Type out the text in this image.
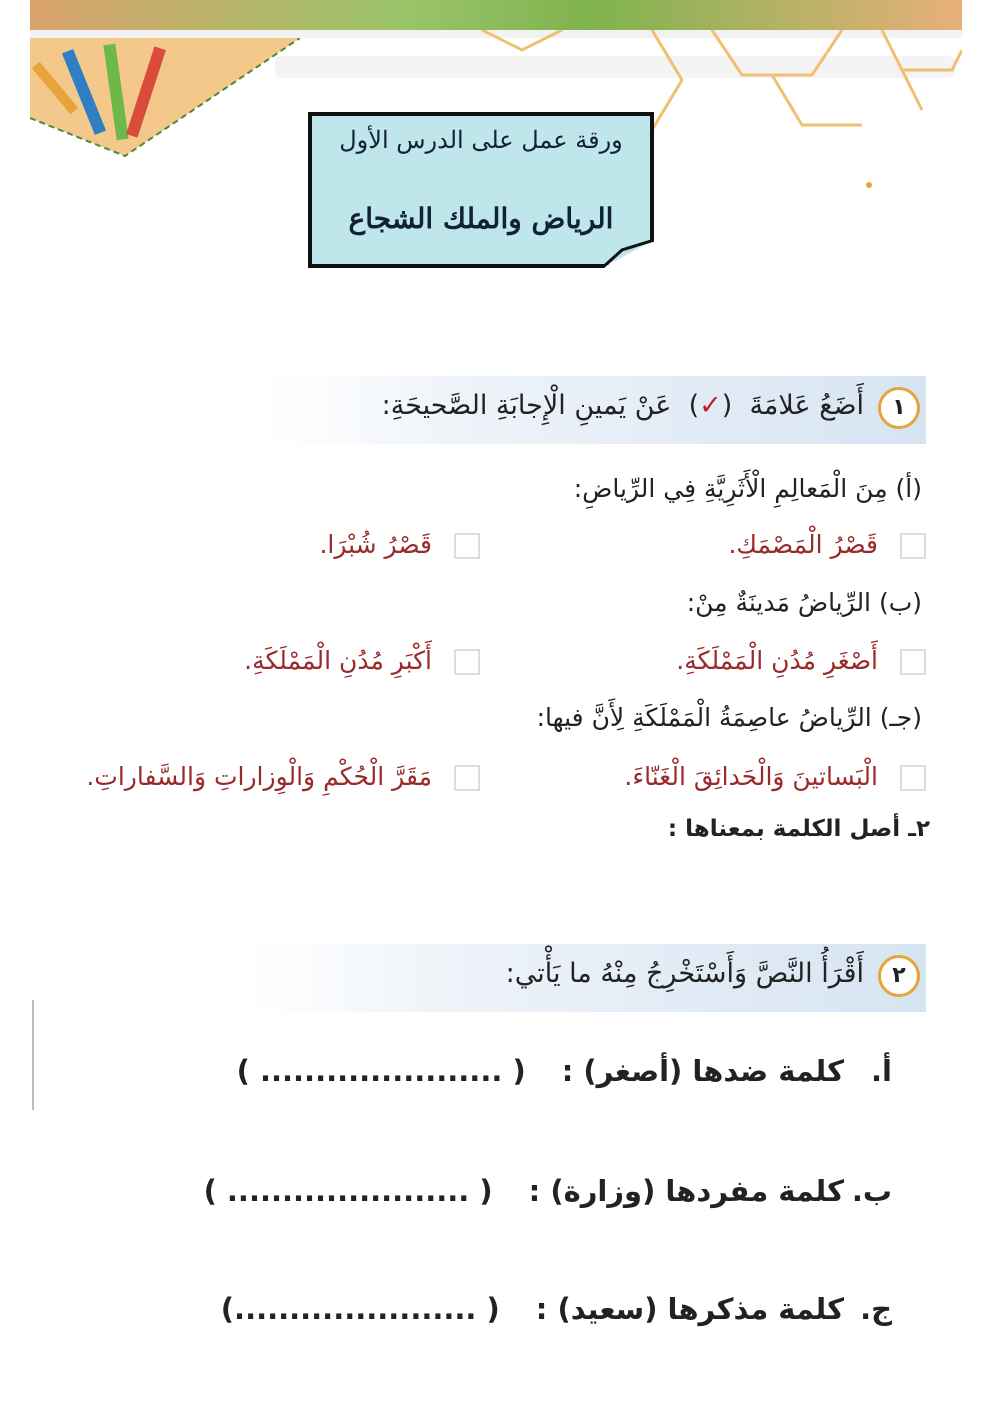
ورقة عمل على الدرس الأول
الرياض والملك الشجاع
١
أَضَعُ عَلامَةَ  (✓)  عَنْ يَمينِ الْإِجابَةِ الصَّحيحَةِ:
(أ) مِنَ الْمَعالِمِ الْأَثَرِيَّةِ فِي الرِّياضِ:
قَصْرُ الْمَصْمَكِ.
قَصْرُ شُبْرَا.
(ب) الرِّياضُ مَدينَةٌ مِنْ:
أَصْغَرِ مُدُنِ الْمَمْلَكَةِ.
أَكْبَرِ مُدُنِ الْمَمْلَكَةِ.
(جـ) الرِّياضُ عاصِمَةُ الْمَمْلَكَةِ لِأَنَّ فيها:
الْبَساتينَ وَالْحَدائِقَ الْغَنّاءَ.
مَقَرَّ الْحُكْمِ وَالْوِزاراتِ وَالسَّفاراتِ.
٢ـ أصل الكلمة بمعناها :
٢
أَقْرَأُ النَّصَّ وَأَسْتَخْرِجُ مِنْهُ ما يَأْتي:
أ.كلمة ضدها (أصغر) :( ...................... )
ب.كلمة مفردها (وزارة) :( ...................... )
ج.كلمة مذكرها (سعيد) :( ......................)
